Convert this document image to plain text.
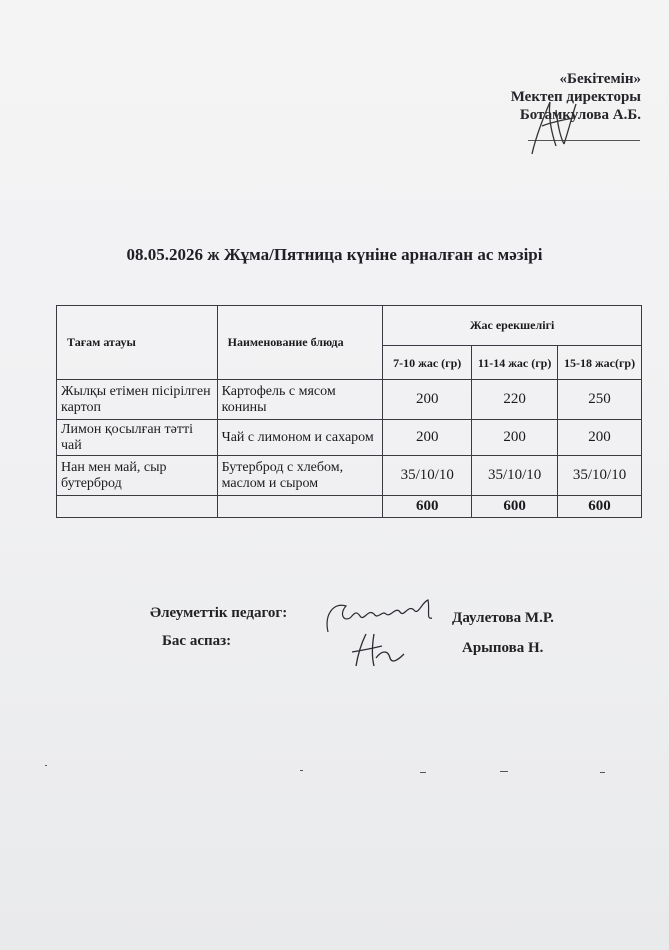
«Бекітемін»
Мектеп директоры
Ботамкулова А.Б.
08.05.2026 ж Жұма/Пятница күніне арналған ас мәзірі
Тағам атауы	Наименование блюда	Жас ерекшелігі		
		7-10 жас (гр)	11-14 жас (гр)	15-18 жас(гр)
Жылқы етімен пісірілген картоп	Картофель с мясом конины	200	220	250
Лимон қосылған тәтті чай	Чай с лимоном и сахаром	200	200	200
Нан мен май, сыр бутерброд	Бутерброд с хлебом, маслом и сыром	35/10/10	35/10/10	35/10/10
		600	600	600
Әлеуметтік педагог:	Даулетова М.Р.
Бас аспаз:	Арыпова Н.
